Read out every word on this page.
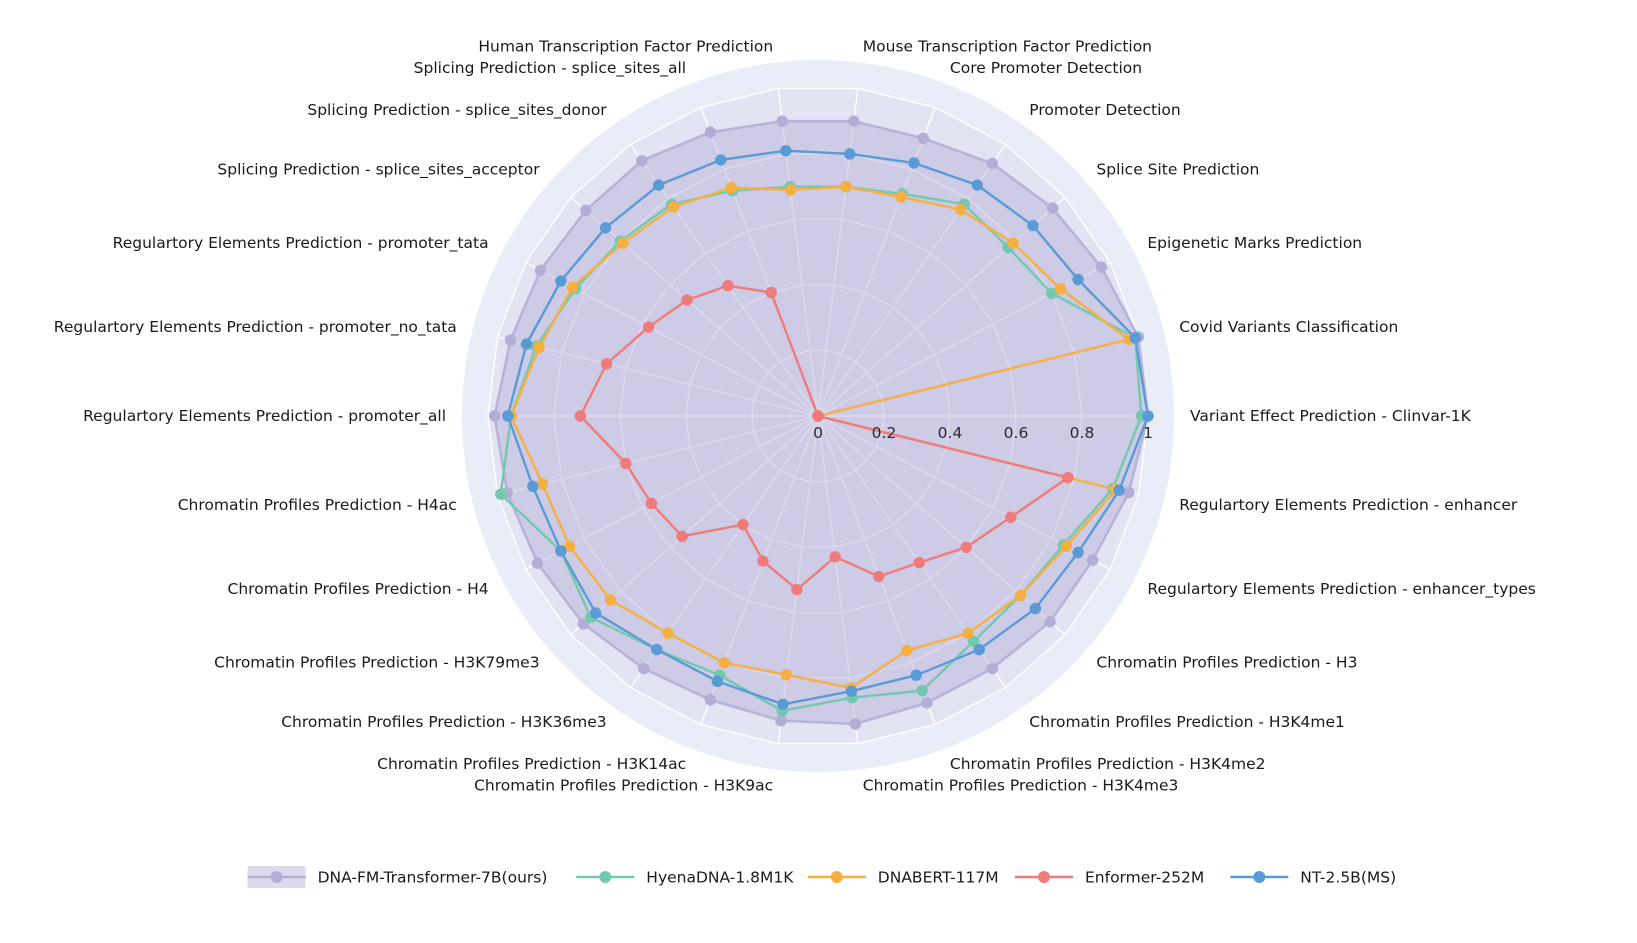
0	0.2	0.4	0.6	0.8	1
Variant Effect Prediction - Clinvar-1K
Covid Variants Classification
Epigenetic Marks Prediction
Splice Site Prediction
Promoter Detection
Core Promoter Detection
Mouse Transcription Factor Prediction
Human Transcription Factor Prediction
Splicing Prediction - splice_sites_all
Splicing Prediction - splice_sites_donor
Splicing Prediction - splice_sites_acceptor
Regulartory Elements Prediction - promoter_tata
Regulartory Elements Prediction - promoter_no_tata
Regulartory Elements Prediction - promoter_all
Chromatin Profiles Prediction - H4ac
Chromatin Profiles Prediction - H4
Chromatin Profiles Prediction - H3K79me3
Chromatin Profiles Prediction - H3K36me3
Chromatin Profiles Prediction - H3K14ac
Chromatin Profiles Prediction - H3K9ac	Chromatin Profiles Prediction - H3K4me3
Chromatin Profiles Prediction - H3K4me2
Chromatin Profiles Prediction - H3K4me1
Chromatin Profiles Prediction - H3
Regulartory Elements Prediction - enhancer_types
Regulartory Elements Prediction - enhancer
DNA-FM-Transformer-7B(ours)	HyenaDNA-1.8M1K	DNABERT-117M	Enformer-252M	NT-2.5B(MS)
